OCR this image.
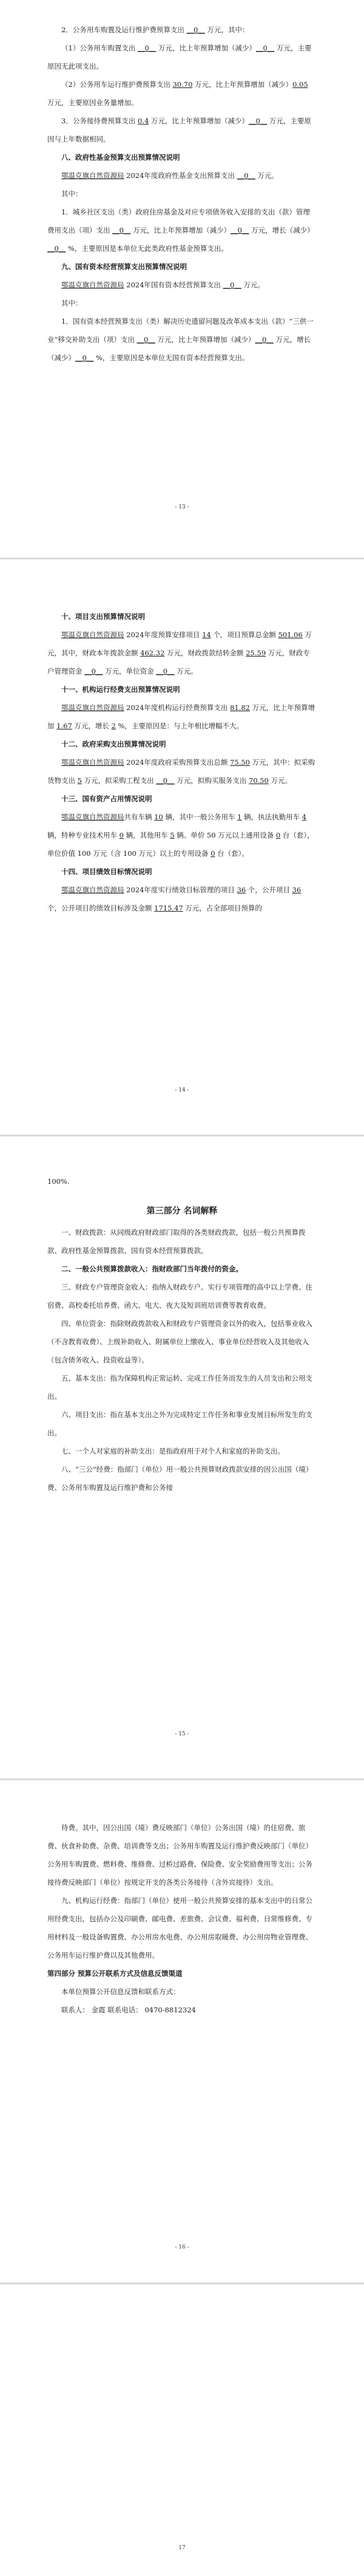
2．公务用车购置及运行维护费预算支出 __0__ 万元，其中：

（1）公务用车购置支出 __0__ 万元，比上年预算增加（减少）__0__ 万元，主要原因无此项支出。

（2）公务用车运行维护费预算支出 30.70 万元，比上年预算增加（减少）0.05 万元，主要原因业务量增加。

3．公务接待费预算支出 0.4 万元，比上年预算增加（减少）__0__ 万元，主要原因与上年数据相同。

八、政府性基金预算支出预算情况说明

鄂温克旗自然资源局 2024年度政府性基金支出预算支出 __0__ 万元。

其中：

1．城乡社区支出（类）政府住房基金及对应专项债务收入安排的支出（款）管理费用支出（项）支出 __0__ 万元，比上年预算增加（减少）__0__ 万元，增长（减少）__0__ %，主要原因是本单位无此类政府性基金预算支出。

九、国有资本经营预算支出预算情况说明

鄂温克旗自然资源局 2024年国有资本经营预算支出 __0__ 万元。

其中：

1．国有资本经营预算支出（类）解决历史遗留问题及改革成本支出（款）“三供一业”移交补助支出（项）支出 __0__ 万元，比上年预算增加（减少）__0__ 万元，增长（减少）__0__ %，主要原因是本单位无国有资本经营预算支出。

- 13 -
十、项目支出预算情况说明

鄂温克旗自然资源局 2024年度预算安排项目 14 个，项目预算总金额 501.06 万元，其中，财政本年拨款金额 462.32 万元，财政拨款结转金额 25.59 万元，财政专户管理资金 __0__ 万元，单位资金 __0__ 万元。

十一、机构运行经费支出预算情况说明

鄂温克旗自然资源局 2024年度机构运行经费预算支出 81.82 万元，比上年预算增加 1.67 万元，增长 2 %，主要原因是：与上年相比增幅不大。

十二、政府采购支出预算情况说明

鄂温克旗自然资源局 2024年度政府采购预算支出总额 75.50 万元，其中：拟采购货物支出 5 万元，拟采购工程支出 __0__ 万元，拟购买服务支出 70.50 万元。

十三、国有资产占用情况说明

鄂温克旗自然资源局共有车辆 10 辆，其中一般公务用车 1 辆，执法执勤用车 4 辆，特种专业技术用车 0 辆，其他用车 5 辆。单价 50 万元以上通用设备 0 台（套），单位价值 100 万元（含 100 万元）以上的专用设备 0 台（套）。

十四、项目绩效目标情况说明

鄂温克旗自然资源局 2024年度实行绩效目标管理的项目 36 个，公开项目 36 个，公开项目的绩效目标涉及金额 1715.47 万元，占全部项目预算的

- 14 -

100%.

第三部分 名词解释

一、财政拨款：从同级政府财政部门取得的各类财政拨款，包括一般公共预算拨款、政府性基金预算拨款、国有资本经营预算拨款。

二、一般公共预算拨款收入：指财政部门当年拨付的资金。

三、财政专户管理资金收入：指纳入财政专户、实行专项管理的高中以上学费、住宿费、高校委托培养费、函大、电大、夜大及短训班培训费等教育收费。

四、单位资金：指除财政拨款收入和财政专户管理资金以外的收入，包括事业收入（不含教育收费）、上级补助收入、附属单位上缴收入、事业单位经营收入及其他收入（包含债务收入、投资收益等）。

五、基本支出：指为保障机构正常运转、完成工作任务而发生的人员支出和公用支出。

六、项目支出：指在基本支出之外为完成特定工作任务和事业发展目标所发生的支出。

七、一个人对家庭的补助支出：是指政府用于对个人和家庭的补助支出。

八、“三公”经费：指部门（单位）用一般公共预算财政拨款安排的因公出国（境）费、公务用车购置及运行维护费和公务接

- 15 -

待费。其中，因公出国（境）费反映部门（单位）公务出国（境）的住宿费、旅费、伙食补助费、杂费、培训费等支出；公务用车购置及运行维护费反映部门（单位）公务用车购置费、燃料费、维修费、过桥过路费、保险费、安全奖励费用等支出；公务接待费反映部门（单位）按规定开支的各类公务接待（含外宾接待）支出。

九、机构运行经费：指部门（单位）使用一般公共预算安排的基本支出中的日常公用经费支出，包括办公及印刷费、邮电费、差旅费、会议费、福利费、日常维修费、专用材料及一般设备购置费、办公用房水电费、办公用房取暖费、办公用房物业管理费、公务用车运行维护费以及其他费用。

第四部分 预算公开联系方式及信息反馈渠道

本单位预算公开信息反馈和联系方式：

联系人： 金霞 联系电话： 0470-8812324

- 16 -
17
